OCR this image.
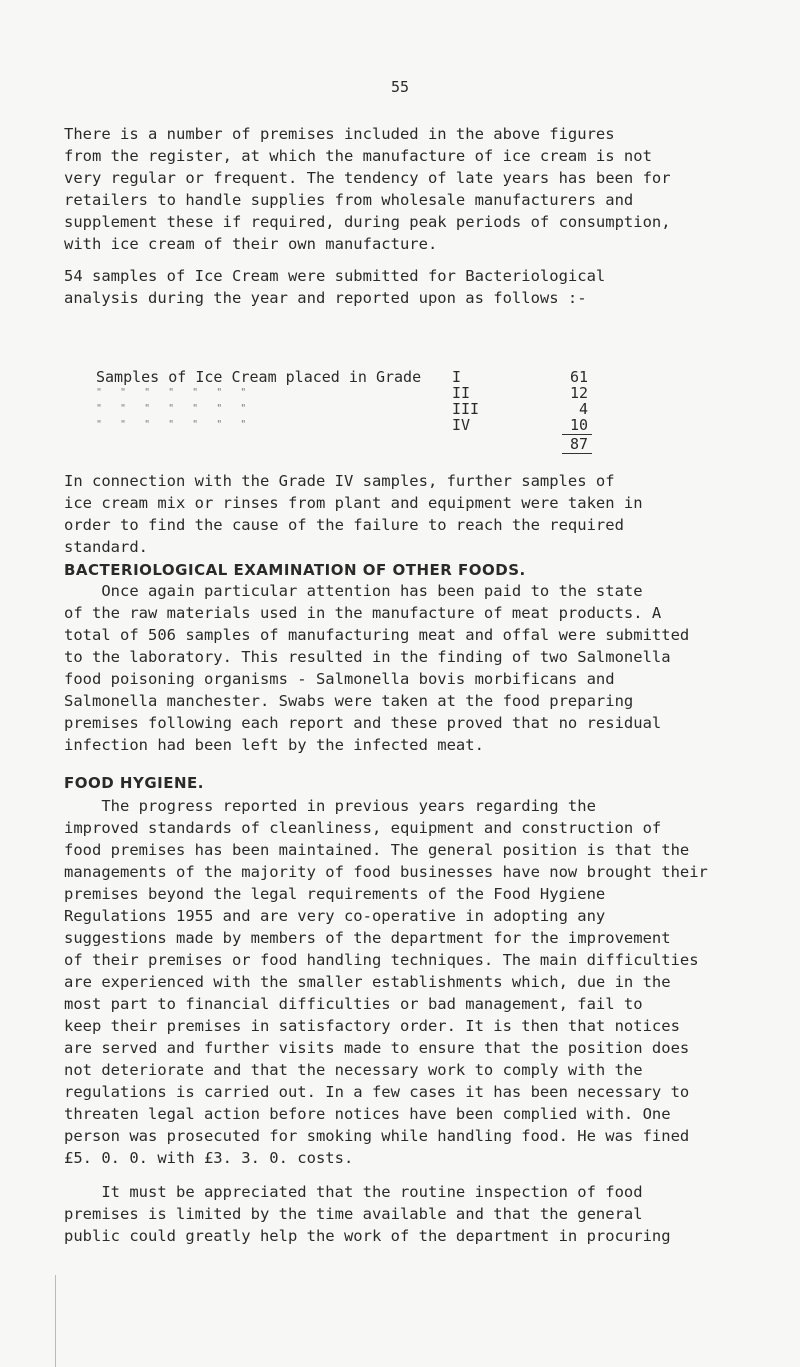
55

There is a number of premises included in the above figures
from the register, at which the manufacture of ice cream is not
very regular or frequent. The tendency of late years has been for
retailers to handle supplies from wholesale manufacturers and
supplement these if required, during peak periods of consumption,
with ice cream of their own manufacture.

54 samples of Ice Cream were submitted for Bacteriological
analysis during the year and reported upon as follows :-

Samples of Ice Cream placed in Grade I	61
" " " " " " "	II	12
" " " " " " "	III	4
" " " " " " "	IV	10
87

In connection with the Grade IV samples, further samples of
ice cream mix or rinses from plant and equipment were taken in
order to find the cause of the failure to reach the required
standard.

BACTERIOLOGICAL EXAMINATION OF OTHER FOODS.

Once again particular attention has been paid to the state
of the raw materials used in the manufacture of meat products. A
total of 506 samples of manufacturing meat and offal were submitted
to the laboratory. This resulted in the finding of two Salmonella
food poisoning organisms - Salmonella bovis morbificans and
Salmonella manchester. Swabs were taken at the food preparing
premises following each report and these proved that no residual
infection had been left by the infected meat.

FOOD HYGIENE.

The progress reported in previous years regarding the
improved standards of cleanliness, equipment and construction of
food premises has been maintained. The general position is that the
managements of the majority of food businesses have now brought their
premises beyond the legal requirements of the Food Hygiene
Regulations 1955 and are very co-operative in adopting any
suggestions made by members of the department for the improvement
of their premises or food handling techniques. The main difficulties
are experienced with the smaller establishments which, due in the
most part to financial difficulties or bad management, fail to
keep their premises in satisfactory order. It is then that notices
are served and further visits made to ensure that the position does
not deteriorate and that the necessary work to comply with the
regulations is carried out. In a few cases it has been necessary to
threaten legal action before notices have been complied with. One
person was prosecuted for smoking while handling food. He was fined
£5. 0. 0. with £3. 3. 0. costs.

It must be appreciated that the routine inspection of food
premises is limited by the time available and that the general
public could greatly help the work of the department in procuring
